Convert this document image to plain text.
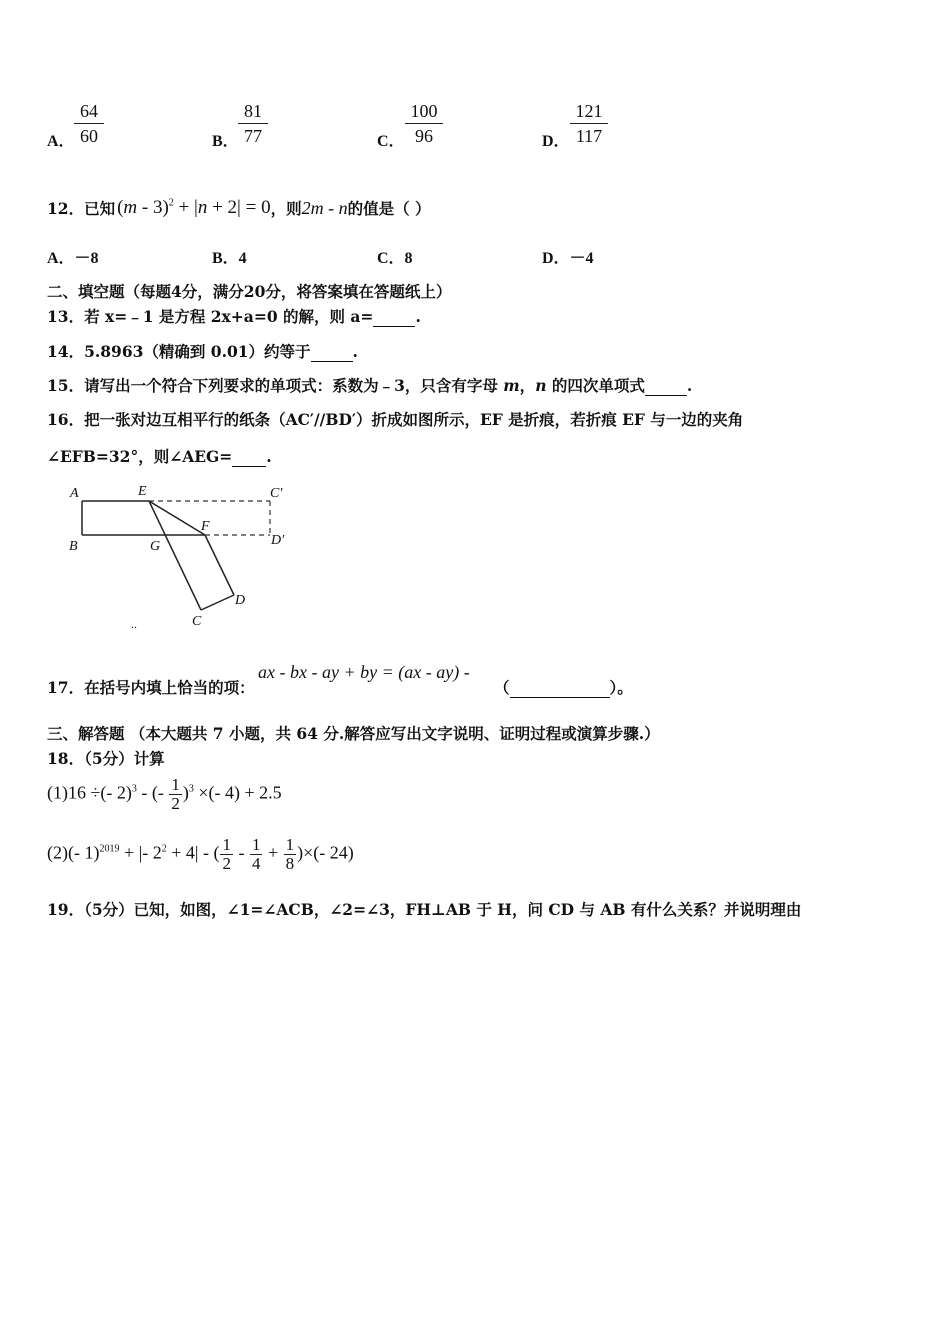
A． $\frac{64}{60}$	B． $\frac{81}{77}$	C． $\frac{100}{96}$	D． $\frac{121}{117}$
12．已知 (m - 3)$^2$ + |n + 2| = 0 ，则 2m - n 的值是（ ）
A．－8	B．4	C．8	D．－4
二、填空题（每题4分，满分20分，将答案填在答题纸上）
13．若 x=﹣1 是方程 2x+a=0 的解，则 a=	.
14．5.8963（精确到 0.01）约等于	.
15．请写出一个符合下列要求的单项式：系数为﹣3，只含有字母 m，n 的四次单项式	.
16．把一张对边互相平行的纸条（AC′//BD′）折成如图所示，EF 是折痕，若折痕 EF 与一边的夹角
∠EFB=32°，则∠AEG= .
A	E	C′
F
B	G	D′
D
C
..
17．在括号内填上恰当的项：
ax - bx - ay + by = (ax - ay) -
（	）。
三、解答题 （本大题共 7 小题，共 64 分.解答应写出文字说明、证明过程或演算步骤.）
18．（5分）计算
(1)16 ÷(- 2)$^3$ - (- $\frac{1}{2} )^3$ ×(- 4) + 2.5
(2)(- 1)$^{2019}$ + |- $2^2 + 4|$ - ( $\frac{1}{2} - \frac{1}{4} + \frac{1}{8}$ )×(- 24)
19．（5分）已知，如图，∠1=∠ACB，∠2=∠3，FH⊥AB 于 H，问 CD 与 AB 有什么关系？并说明理由
